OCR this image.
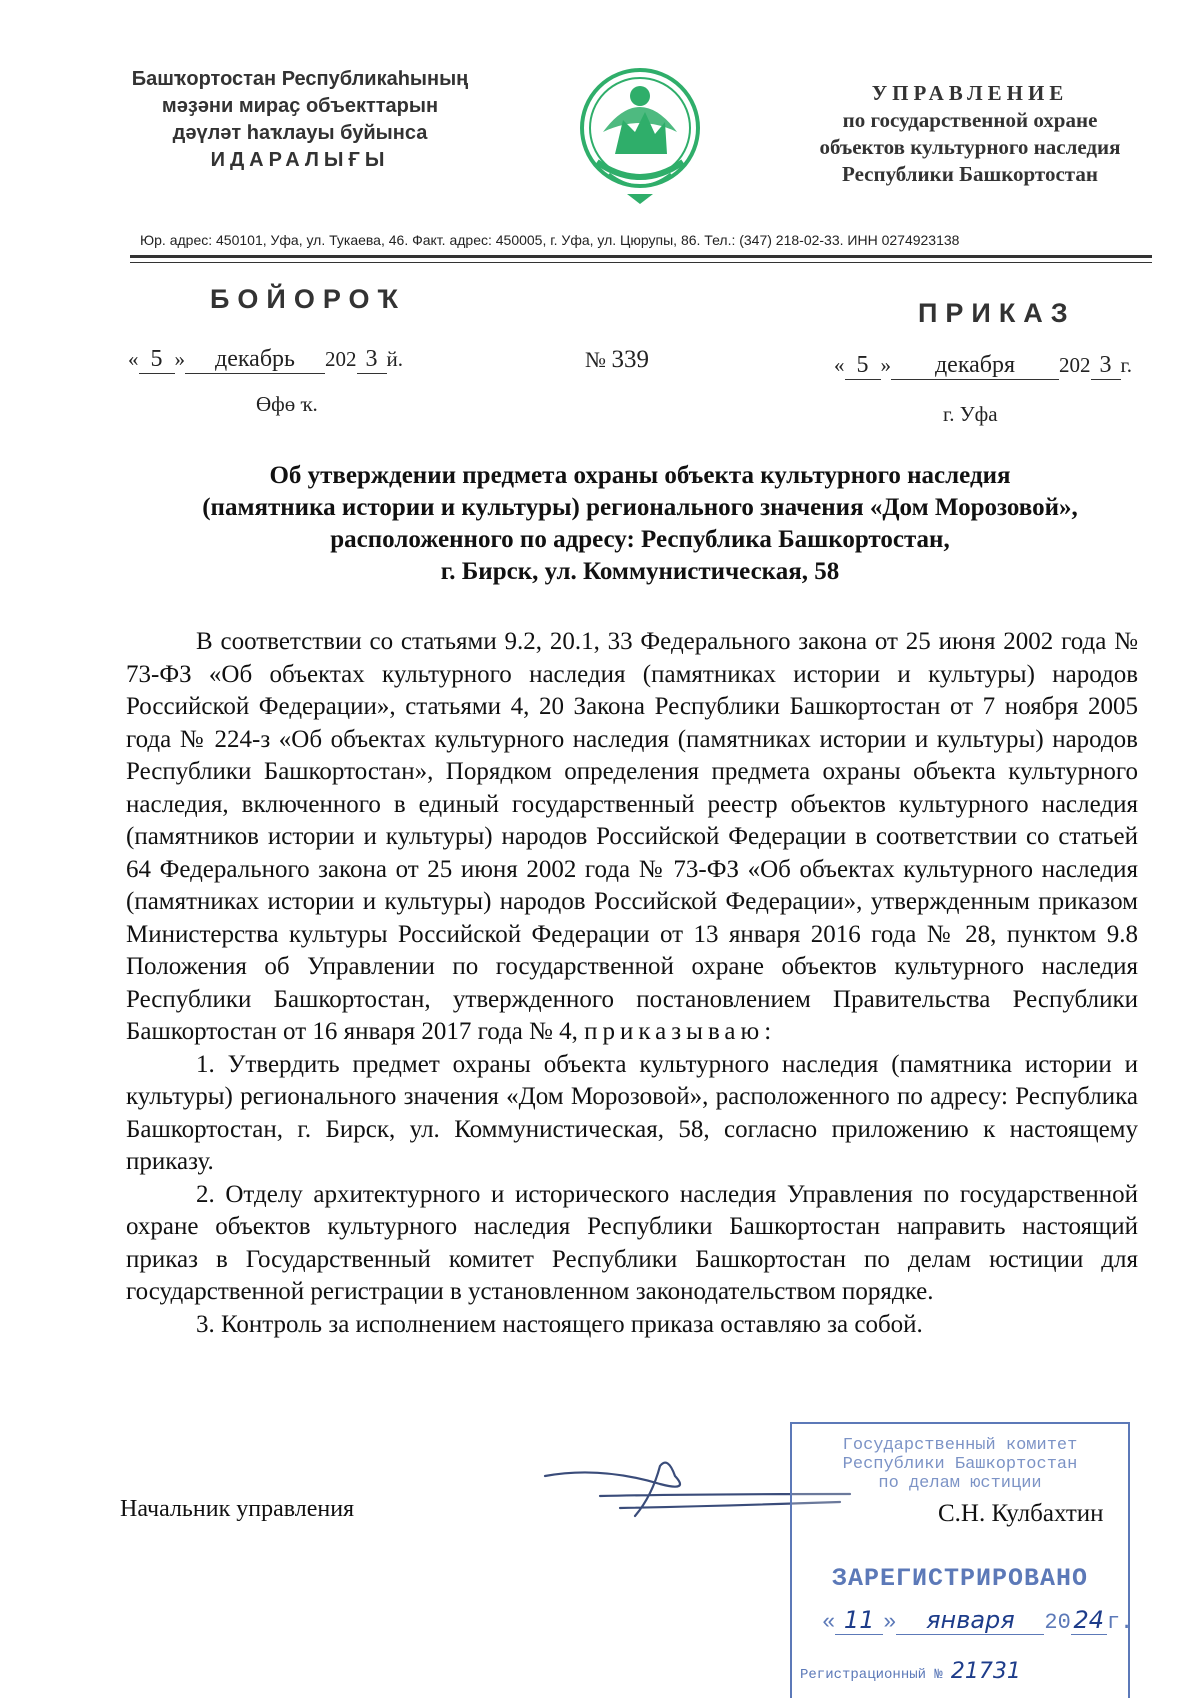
Башҡортостан Республикаһының
мәҙәни мираҫ объекттарын
дәүләт һаҡлауы буйынса
ИДАРАЛЫҒЫ
УПРАВЛЕНИЕ
по государственной охране
объектов культурного наследия
Республики Башкортостан
Юр. адрес: 450101, Уфа, ул. Тукаева, 46. Факт. адрес: 450005, г. Уфа, ул. Цюрупы, 86. Тел.: (347) 218-02-33. ИНН 0274923138
БОЙОРОҠ	ПРИКАЗ
« 5 » декабрь 202 3 й.	№ 339	« 5 » декабря 202 3 г.
Өфө ҡ.	г. Уфа
Об утверждении предмета охраны объекта культурного наследия
(памятника истории и культуры) регионального значения «Дом Морозовой»,
расположенного по адресу: Республика Башкортостан,
г. Бирск, ул. Коммунистическая, 58

В соответствии со статьями 9.2, 20.1, 33 Федерального закона от 25 июня 2002 года № 73-ФЗ «Об объектах культурного наследия (памятниках истории и культуры) народов Российской Федерации», статьями 4, 20 Закона Республики Башкортостан от 7 ноября 2005 года № 224-з «Об объектах культурного наследия (памятниках истории и культуры) народов Республики Башкортостан», Порядком определения предмета охраны объекта культурного наследия, включенного в единый государственный реестр объектов культурного наследия (памятников истории и культуры) народов Российской Федерации в соответствии со статьей 64 Федерального закона от 25 июня 2002 года № 73-ФЗ «Об объектах культурного наследия (памятниках истории и культуры) народов Российской Федерации», утвержденным приказом Министерства культуры Российской Федерации от 13 января 2016 года № 28, пунктом 9.8 Положения об Управлении по государственной охране объектов культурного наследия Республики Башкортостан, утвержденного постановлением Правительства Республики Башкортостан от 16 января 2017 года № 4, приказываю:

1. Утвердить предмет охраны объекта культурного наследия (памятника истории и культуры) регионального значения «Дом Морозовой», расположенного по адресу: Республика Башкортостан, г. Бирск, ул. Коммунистическая, 58, согласно приложению к настоящему приказу.

2. Отделу архитектурного и исторического наследия Управления по государственной охране объектов культурного наследия Республики Башкортостан направить настоящий приказ в Государственный комитет Республики Башкортостан по делам юстиции для государственной регистрации в установленном законодательством порядке.

3. Контроль за исполнением настоящего приказа оставляю за собой.

Начальник управления
Государственный комитет
Республики Башкортостан
по делам юстиции
ЗАРЕГИСТРИРОВАНО
« 11 » января 20 24 г.
Регистрационный № 21731
С.Н. Кулбахтин
